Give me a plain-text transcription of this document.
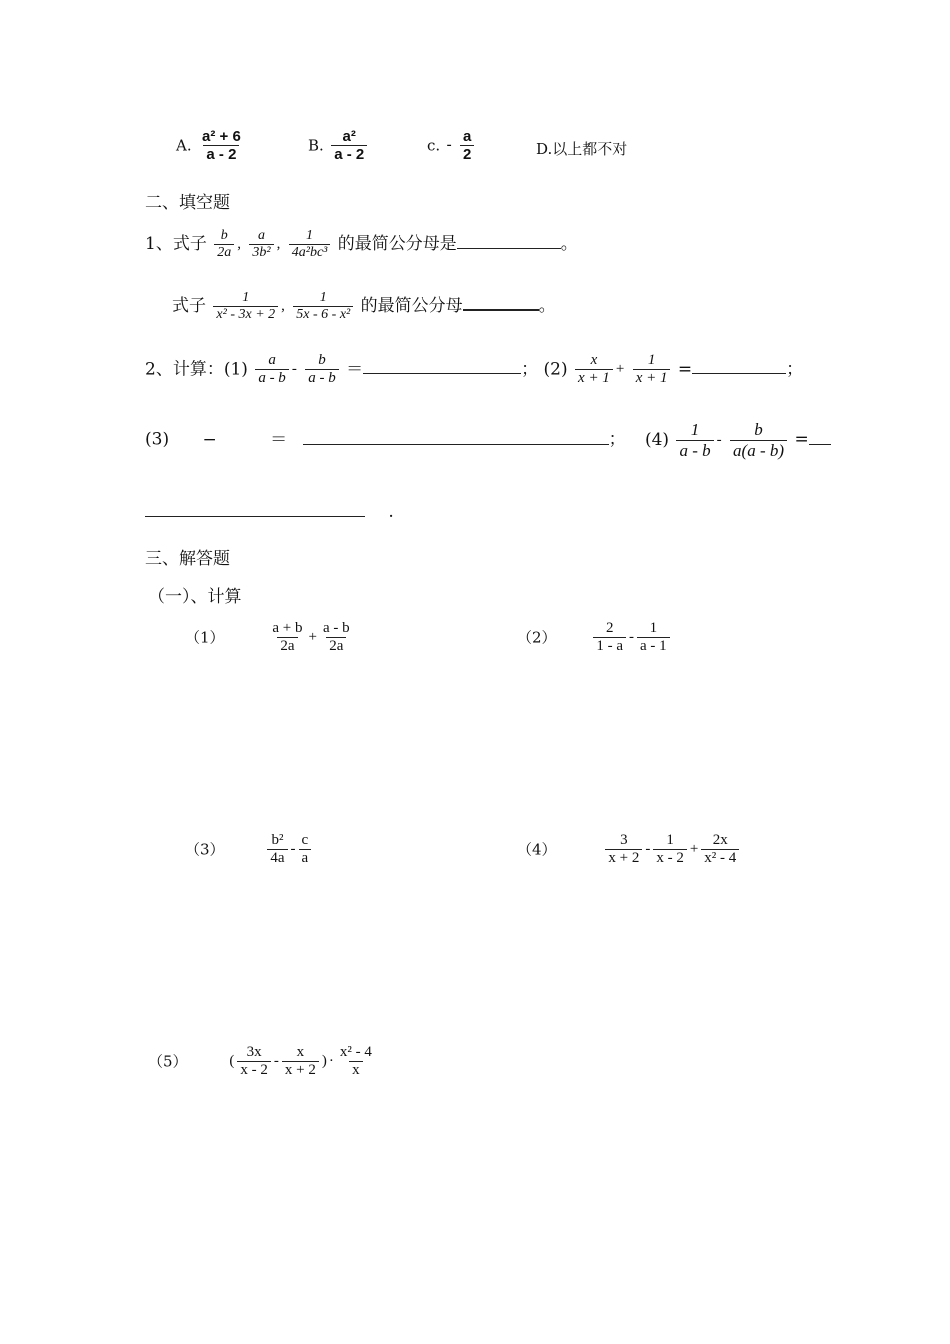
A. $\frac{\text{a² + 6}}{a - 2}$	B. $\frac{\text{a²}}{a - 2}$	c. - $\frac{a}{2}$	D.以上都不对
二、填空题
1、式子 $\frac{b}{2a}$ , $\frac{a}{\text{3b²}}$ , $\frac{1}{\text{4a²bc³}}$ 的最简公分母是	。
式子 $\frac{1}{\text{x² - 3x + 2}}$ , $\frac{1}{\text{5x - 6 - x²}}$ 的最简公分母	。
2、计算：$(1) \frac{a}{a - b} - \frac{b}{a - b}$ ＝	； $(2) \frac{x}{x + 1} + \frac{1}{x + 1}$ =	；
(3) −	＝	； $(4) \frac{1}{a - b} - \frac{b}{a(a - b)}$ =
.
三、解答题
（一）、计算
（1）	$\frac{a + b}{2a} + \frac{a - b}{2a}$	$(2) \frac{2}{1 - a} - \frac{1}{a - 1}$
（3）	$\frac{\text{b²}}{4a} - \frac{c}{a}$	（4）	$\frac{3}{x + 2} - \frac{1}{x - 2} + \frac{2x}{\text{x² - 4}}$
（5）	( $\frac{3x}{x - 2} - \frac{x}{x + 2}$ ) · $\frac{\text{x² - 4}}{x}$
